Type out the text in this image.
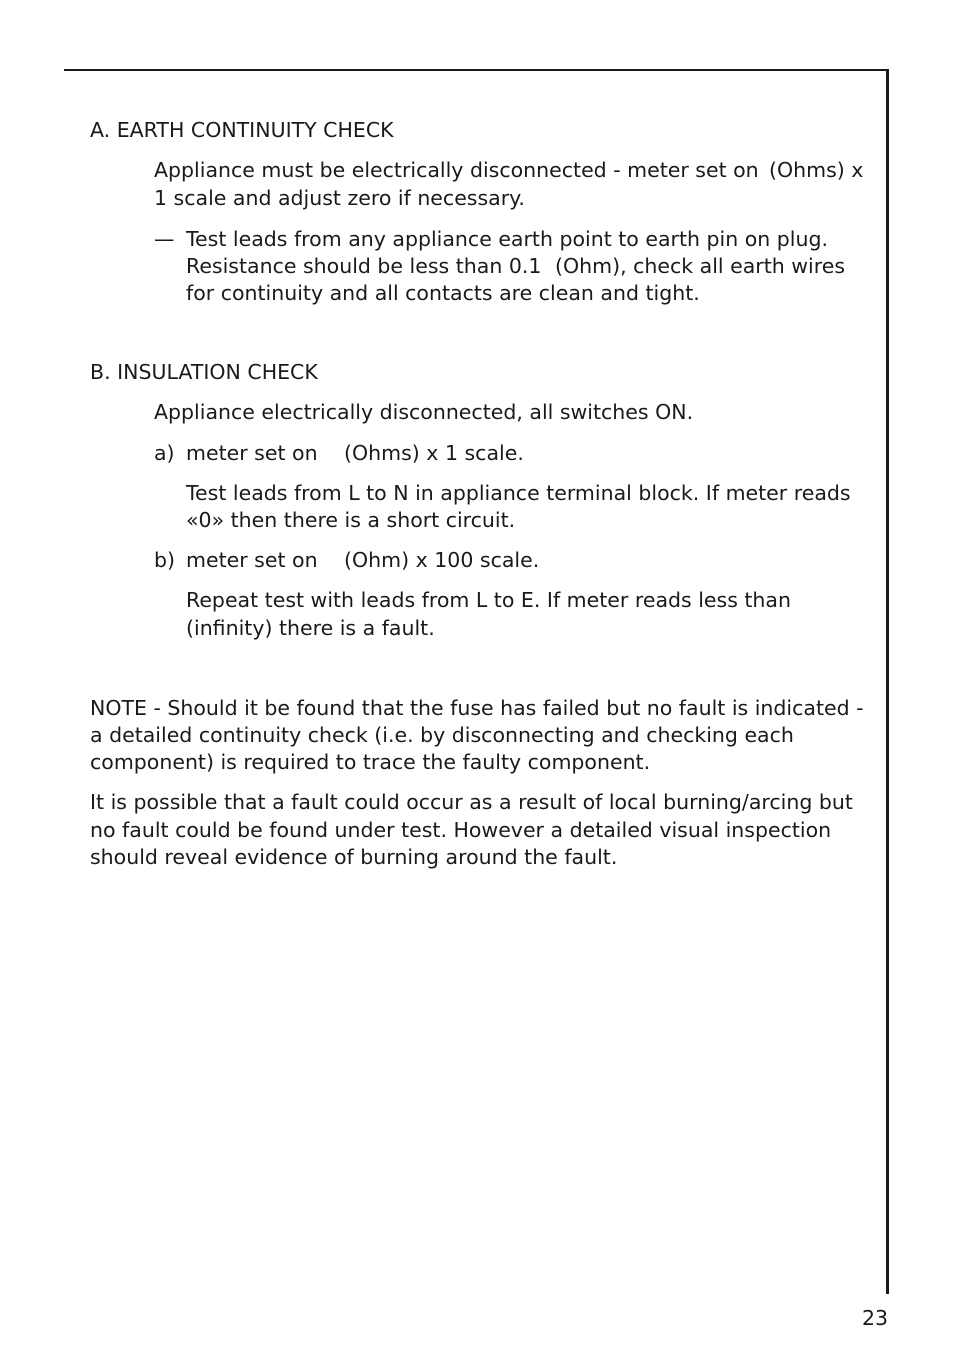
A. EARTH CONTINUITY CHECK

Appliance must be electrically disconnected - meter set on (Ohms) x

1 scale and adjust zero if necessary.

— Test leads from any appliance earth point to earth pin on plug.

Resistance should be less than 0.1 (Ohm), check all earth wires

for continuity and all contacts are clean and tight.

B. INSULATION CHECK

Appliance electrically disconnected, all switches ON.

a) meter set on (Ohms) x 1 scale.

Test leads from L to N in appliance terminal block. If meter reads

«0» then there is a short circuit.

b) meter set on (Ohm) x 100 scale.

Repeat test with leads from L to E. If meter reads less than

(infinity) there is a fault.

NOTE - Should it be found that the fuse has failed but no fault is indicated -

a detailed continuity check (i.e. by disconnecting and checking each

component) is required to trace the faulty component.

It is possible that a fault could occur as a result of local burning/arcing but

no fault could be found under test. However a detailed visual inspection

should reveal evidence of burning around the fault.

23
